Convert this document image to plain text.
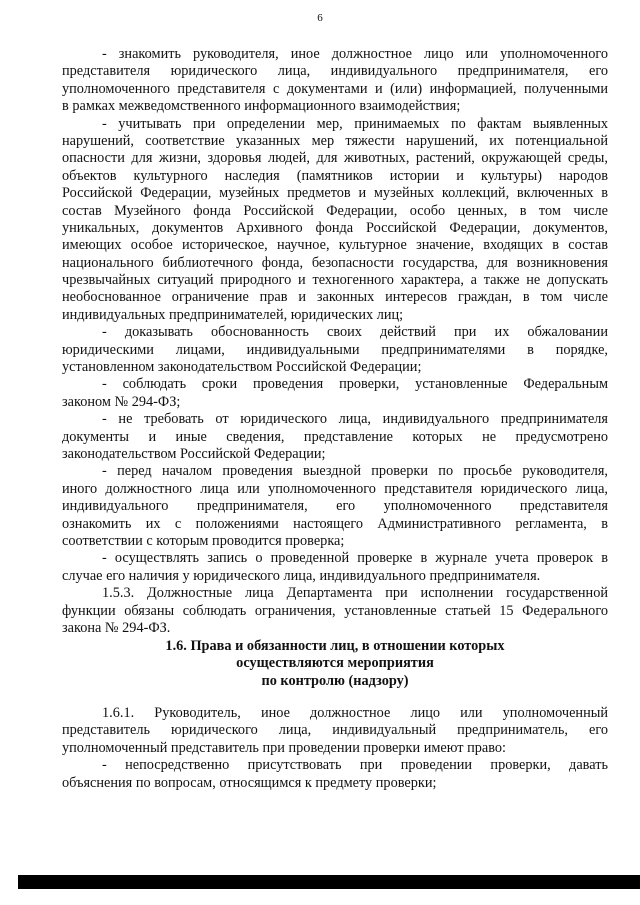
6
- знакомить руководителя, иное должностное лицо или уполномоченного
представителя юридического лица, индивидуального предпринимателя, его
уполномоченного представителя с документами и (или) информацией, полученными
в рамках межведомственного информационного взаимодействия;
- учитывать при определении мер, принимаемых по фактам выявленных
нарушений, соответствие указанных мер тяжести нарушений, их потенциальной
опасности для жизни, здоровья людей, для животных, растений, окружающей среды,
объектов культурного наследия (памятников истории и культуры) народов
Российской Федерации, музейных предметов и музейных коллекций, включенных в
состав Музейного фонда Российской Федерации, особо ценных, в том числе
уникальных, документов Архивного фонда Российской Федерации, документов,
имеющих особое историческое, научное, культурное значение, входящих в состав
национального библиотечного фонда, безопасности государства, для возникновения
чрезвычайных ситуаций природного и техногенного характера, а также не допускать
необоснованное ограничение прав и законных интересов граждан, в том числе
индивидуальных предпринимателей, юридических лиц;
- доказывать обоснованность своих действий при их обжаловании
юридическими лицами, индивидуальными предпринимателями в порядке,
установленном законодательством Российской Федерации;
- соблюдать сроки проведения проверки, установленные Федеральным
законом № 294-ФЗ;
- не требовать от юридического лица, индивидуального предпринимателя
документы и иные сведения, представление которых не предусмотрено
законодательством Российской Федерации;
- перед началом проведения выездной проверки по просьбе руководителя,
иного должностного лица или уполномоченного представителя юридического лица,
индивидуального предпринимателя, его уполномоченного представителя
ознакомить их с положениями настоящего Административного регламента, в
соответствии с которым проводится проверка;
- осуществлять запись о проведенной проверке в журнале учета проверок в
случае его наличия у юридического лица, индивидуального предпринимателя.
1.5.3. Должностные лица Департамента при исполнении государственной
функции обязаны соблюдать ограничения, установленные статьей 15 Федерального
закона № 294-ФЗ.
1.6. Права и обязанности лиц, в отношении которых
осуществляются мероприятия
по контролю (надзору)
1.6.1. Руководитель, иное должностное лицо или уполномоченный
представитель юридического лица, индивидуальный предприниматель, его
уполномоченный представитель при проведении проверки имеют право:
- непосредственно присутствовать при проведении проверки, давать
объяснения по вопросам, относящимся к предмету проверки;
